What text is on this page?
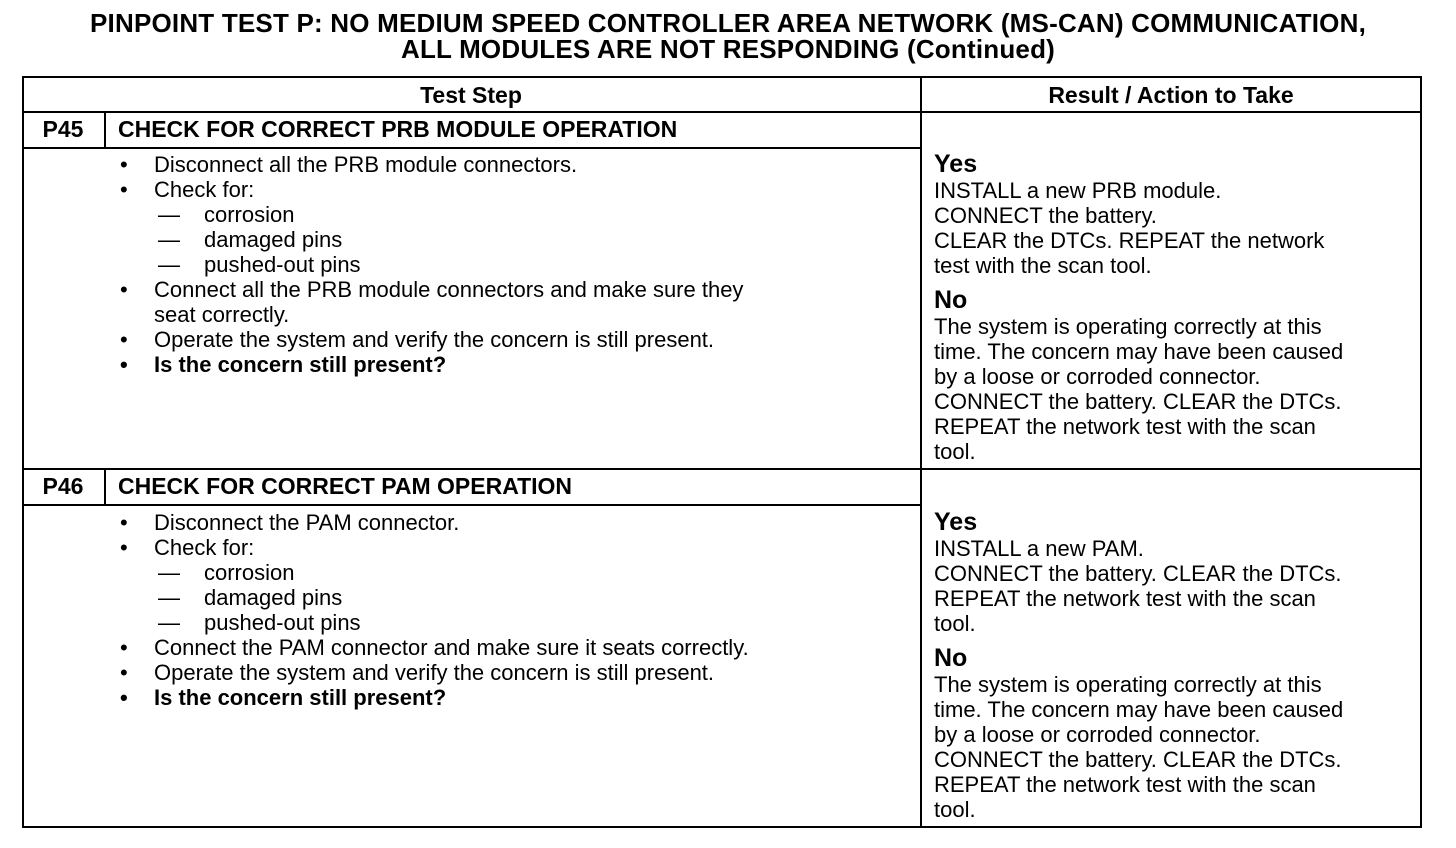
PINPOINT TEST P: NO MEDIUM SPEED CONTROLLER AREA NETWORK (MS-CAN) COMMUNICATION,
ALL MODULES ARE NOT RESPONDING (Continued)
Test Step	Result / Action to Take
P45	CHECK FOR CORRECT PRB MODULE OPERATION
• Disconnect all the PRB module connectors.
• Check for:
— corrosion
— damaged pins
— pushed-out pins
• Connect all the PRB module connectors and make sure they
seat correctly.
• Operate the system and verify the concern is still present.
• Is the concern still present?
Yes
INSTALL a new PRB module.
CONNECT the battery.
CLEAR the DTCs. REPEAT the network
test with the scan tool.
No
The system is operating correctly at this
time. The concern may have been caused
by a loose or corroded connector.
CONNECT the battery. CLEAR the DTCs.
REPEAT the network test with the scan
tool.
P46	CHECK FOR CORRECT PAM OPERATION
• Disconnect the PAM connector.
• Check for:
— corrosion
— damaged pins
— pushed-out pins
• Connect the PAM connector and make sure it seats correctly.
• Operate the system and verify the concern is still present.
• Is the concern still present?
Yes
INSTALL a new PAM.
CONNECT the battery. CLEAR the DTCs.
REPEAT the network test with the scan
tool.
No
The system is operating correctly at this
time. The concern may have been caused
by a loose or corroded connector.
CONNECT the battery. CLEAR the DTCs.
REPEAT the network test with the scan
tool.
